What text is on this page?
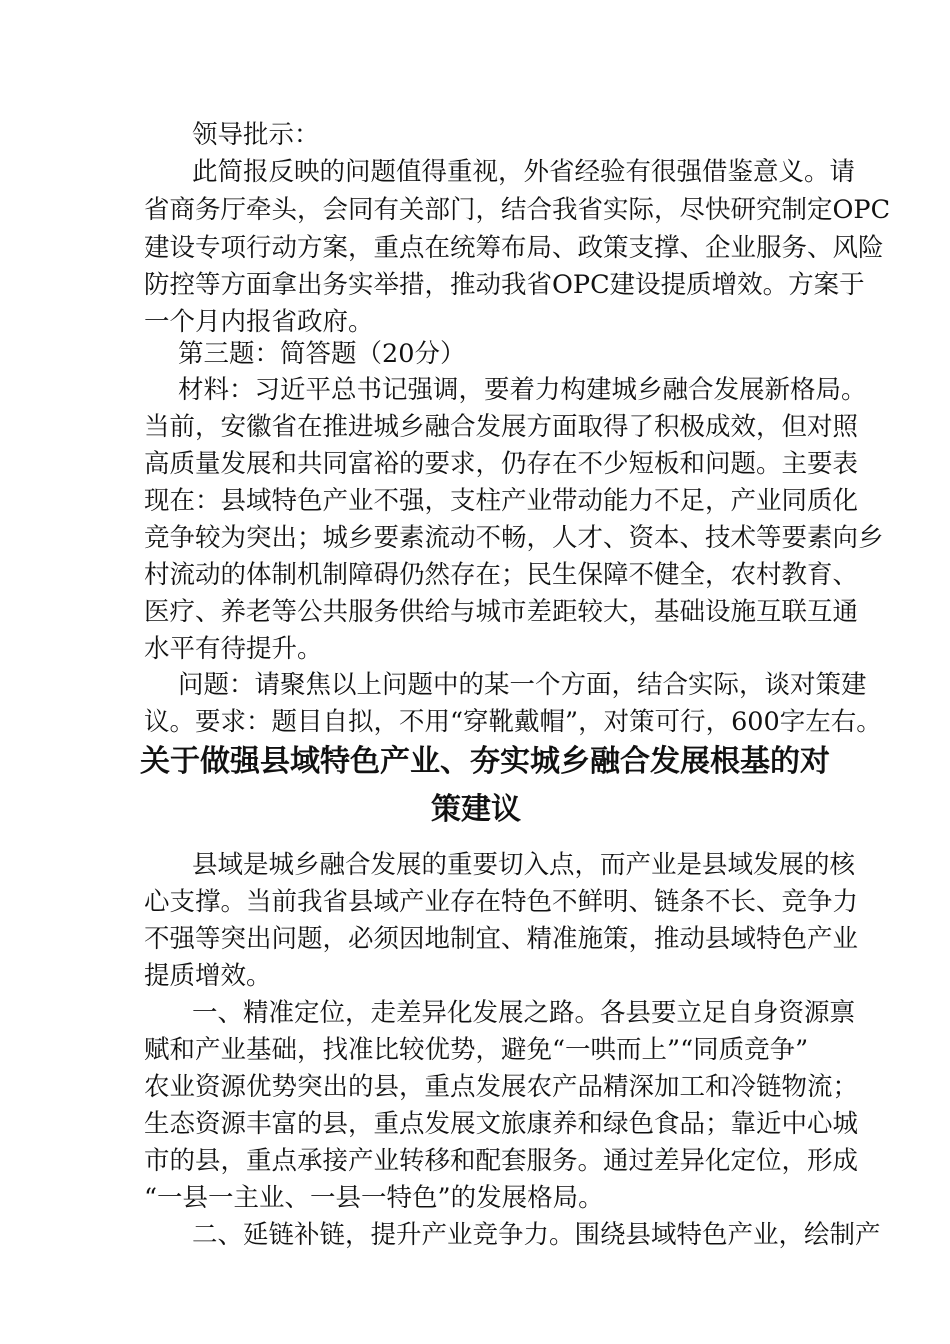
领导批示：
此简报反映的问题值得重视，外省经验有很强借鉴意义。请
省商务厅牵头，会同有关部门，结合我省实际，尽快研究制定OPC
建设专项行动方案，重点在统筹布局、政策支撑、企业服务、风险
防控等方面拿出务实举措，推动我省OPC建设提质增效。方案于
一个月内报省政府。
第三题：简答题（20分）
材料：习近平总书记强调，要着力构建城乡融合发展新格局。
当前，安徽省在推进城乡融合发展方面取得了积极成效，但对照
高质量发展和共同富裕的要求，仍存在不少短板和问题。主要表
现在：县域特色产业不强，支柱产业带动能力不足，产业同质化
竞争较为突出；城乡要素流动不畅，人才、资本、技术等要素向乡
村流动的体制机制障碍仍然存在；民生保障不健全，农村教育、
医疗、养老等公共服务供给与城市差距较大，基础设施互联互通
水平有待提升。
问题：请聚焦以上问题中的某一个方面，结合实际，谈对策建
议。要求：题目自拟，不用“穿靴戴帽”，对策可行，600字左右。
关于做强县域特色产业、夯实城乡融合发展根基的对
策建议
县域是城乡融合发展的重要切入点，而产业是县域发展的核
心支撑。当前我省县域产业存在特色不鲜明、链条不长、竞争力
不强等突出问题，必须因地制宜、精准施策，推动县域特色产业
提质增效。
一、精准定位，走差异化发展之路。各县要立足自身资源禀
赋和产业基础，找准比较优势，避免“一哄而上”“同质竞争”
农业资源优势突出的县，重点发展农产品精深加工和冷链物流；
生态资源丰富的县，重点发展文旅康养和绿色食品；靠近中心城
市的县，重点承接产业转移和配套服务。通过差异化定位，形成
“一县一主业、一县一特色”的发展格局。
二、延链补链，提升产业竞争力。围绕县域特色产业，绘制产
